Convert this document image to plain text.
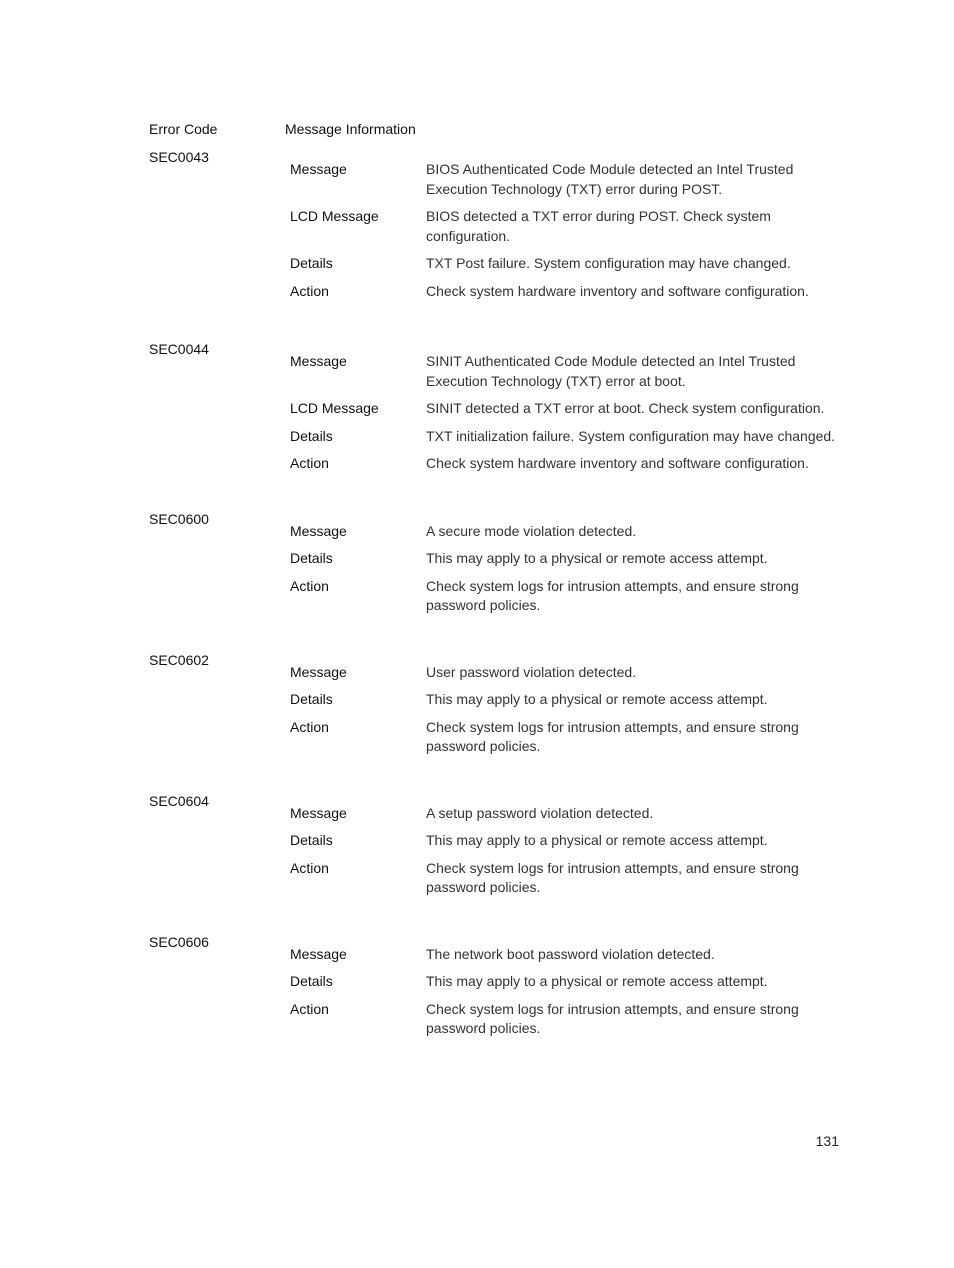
Error Code	Message Information
SEC0043
Message	BIOS Authenticated Code Module detected an Intel Trusted Execution Technology (TXT) error during POST.
LCD Message	BIOS detected a TXT error during POST. Check system configuration.
Details	TXT Post failure. System configuration may have changed.
Action	Check system hardware inventory and software configuration.
SEC0044
Message	SINIT Authenticated Code Module detected an Intel Trusted Execution Technology (TXT) error at boot.
LCD Message	SINIT detected a TXT error at boot. Check system configuration.
Details	TXT initialization failure. System configuration may have changed.
Action	Check system hardware inventory and software configuration.
SEC0600
Message	A secure mode violation detected.
Details	This may apply to a physical or remote access attempt.
Action	Check system logs for intrusion attempts, and ensure strong password policies.
SEC0602
Message	User password violation detected.
Details	This may apply to a physical or remote access attempt.
Action	Check system logs for intrusion attempts, and ensure strong password policies.
SEC0604
Message	A setup password violation detected.
Details	This may apply to a physical or remote access attempt.
Action	Check system logs for intrusion attempts, and ensure strong password policies.
SEC0606
Message	The network boot password violation detected.
Details	This may apply to a physical or remote access attempt.
Action	Check system logs for intrusion attempts, and ensure strong password policies.
131
